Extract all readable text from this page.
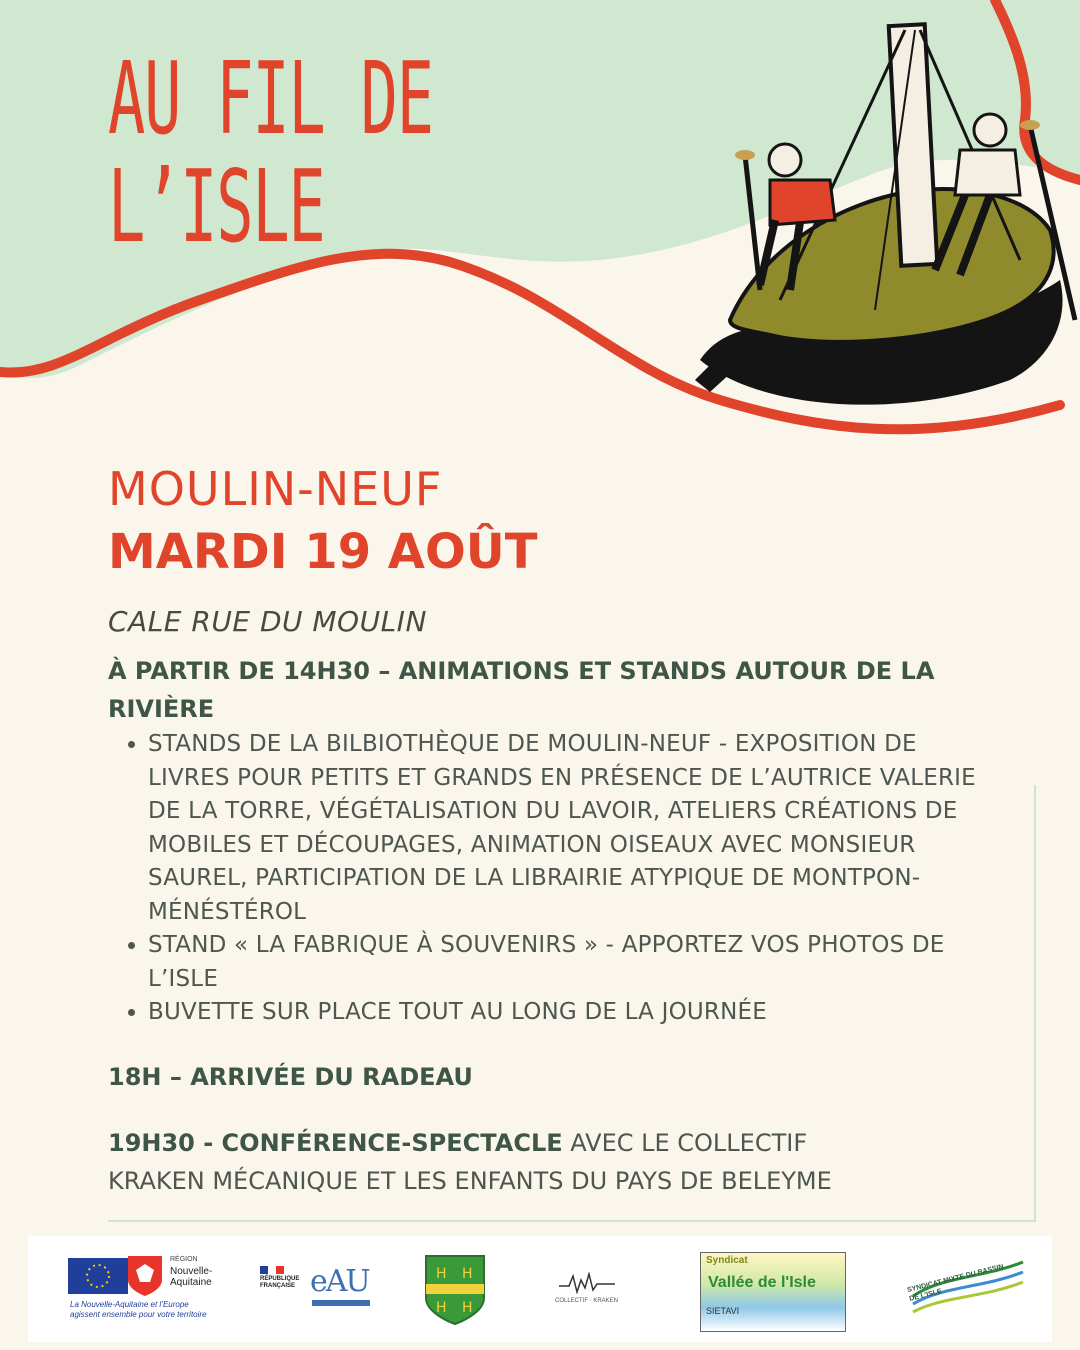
AU FIL DE
L’ISLE

MOULIN-NEUF

MARDI 19 AOÛT

CALE RUE DU MOULIN

À PARTIR DE 14H30 – ANIMATIONS ET STANDS AUTOUR DE LA
RIVIÈRE

• STANDS DE LA BILBIOTHÈQUE DE MOULIN-NEUF - EXPOSITION DE LIVRES POUR PETITS ET GRANDS EN PRÉSENCE DE L’AUTRICE VALERIE DE LA TORRE, VÉGÉTALISATION DU LAVOIR, ATELIERS CRÉATIONS DE MOBILES ET DÉCOUPAGES, ANIMATION OISEAUX AVEC MONSIEUR SAUREL, PARTICIPATION DE LA LIBRAIRIE ATYPIQUE DE MONTPON-MÉNÉSTÉROL
• STAND « LA FABRIQUE À SOUVENIRS » - APPORTEZ VOS PHOTOS DE L’ISLE
• BUVETTE SUR PLACE TOUT AU LONG DE LA JOURNÉE

18H – ARRIVÉE DU RADEAU

19H30 - CONFÉRENCE-SPECTACLE AVEC LE COLLECTIF
KRAKEN MÉCANIQUE ET LES ENFANTS DU PAYS DE BELEYME

RÉGION
Nouvelle-Aquitaine
La Nouvelle-Aquitaine et l’Europe
agissent ensemble pour votre territoire
RÉPUBLIQUE FRANÇAISE eAU	H H
H H	COLLECTIF · KRAKEN
Syndicat
Vallée de l'Isle
SIETAVI
SYNDICAT MIXTE DU BASSIN DE L’ISLE
